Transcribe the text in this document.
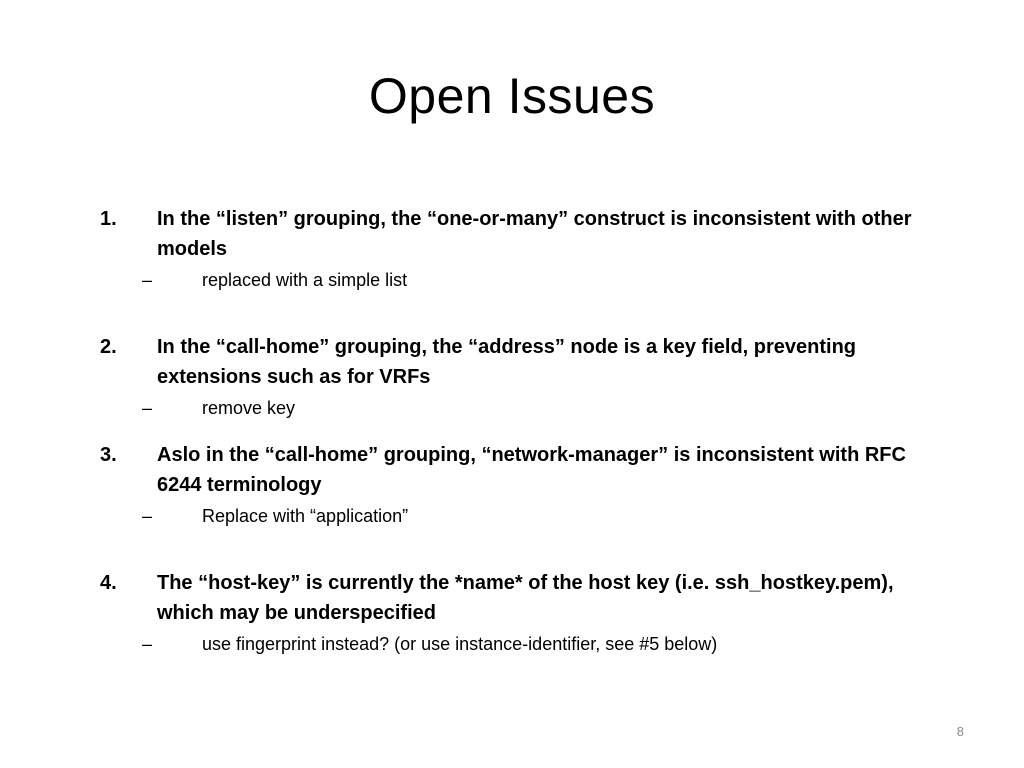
Open Issues
1.	In the “listen” grouping, the “one-or-many” construct is inconsistent with other models
–	replaced with a simple list
2.	In the “call-home” grouping, the “address” node is a key field, preventing extensions such as for VRFs
–	remove key
3.	Aslo in the “call-home” grouping, “network-manager” is inconsistent with RFC 6244 terminology
–	Replace with “application”
4.	The “host-key” is currently the *name* of the host key (i.e. ssh_hostkey.pem), which may be underspecified
–	use fingerprint instead? (or use instance-identifier, see #5 below)
8
